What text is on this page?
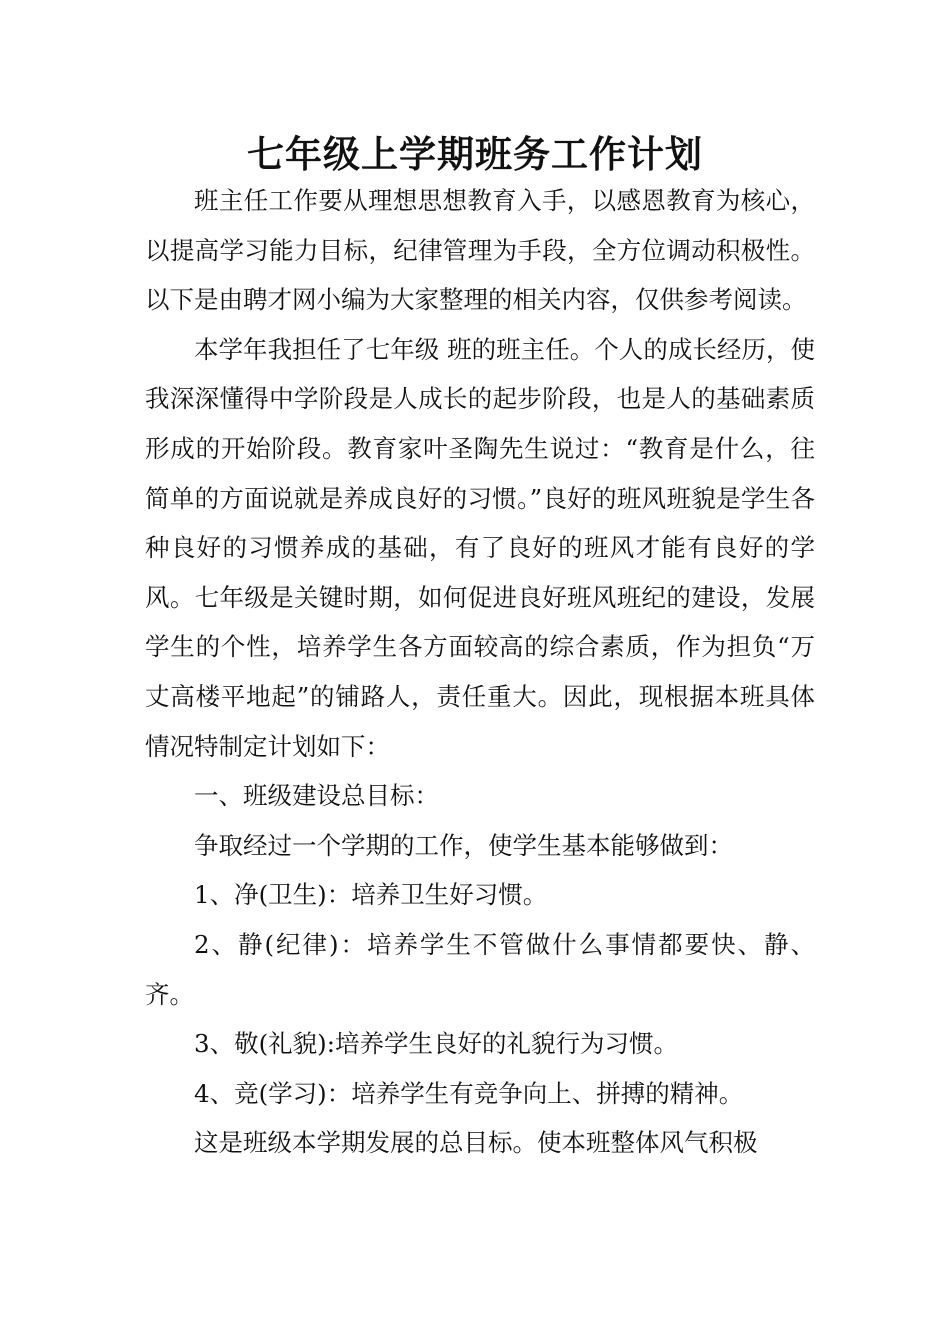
七年级上学期班务工作计划

班主任工作要从理想思想教育入手，以感恩教育为核心，以提高学习能力目标，纪律管理为手段，全方位调动积极性。以下是由聘才网小编为大家整理的相关内容，仅供参考阅读。

本学年我担任了七年级 班的班主任。个人的成长经历，使我深深懂得中学阶段是人成长的起步阶段，也是人的基础素质形成的开始阶段。教育家叶圣陶先生说过：“教育是什么，往简单的方面说就是养成良好的习惯。”良好的班风班貌是学生各种良好的习惯养成的基础，有了良好的班风才能有良好的学风。七年级是关键时期，如何促进良好班风班纪的建设，发展学生的个性，培养学生各方面较高的综合素质，作为担负“万丈高楼平地起”的铺路人，责任重大。因此，现根据本班具体情况特制定计划如下：

一、班级建设总目标：

争取经过一个学期的工作，使学生基本能够做到：

1、净(卫生)：培养卫生好习惯。

2、静(纪律)：培养学生不管做什么事情都要快、静、齐。

3、敬(礼貌):培养学生良好的礼貌行为习惯。

4、竞(学习)：培养学生有竞争向上、拼搏的精神。

这是班级本学期发展的总目标。使本班整体风气积极
